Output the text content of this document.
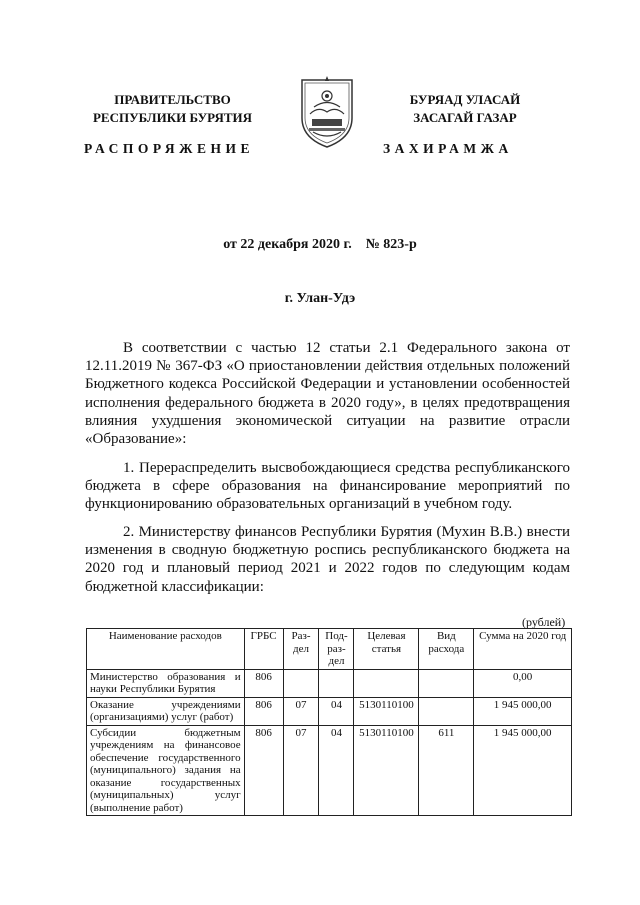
ПРАВИТЕЛЬСТВО
РЕСПУБЛИКИ БУРЯТИЯ
БУРЯАД УЛАСАЙ
ЗАСАГАЙ ГАЗАР
РАСПОРЯЖЕНИЕ	ЗАХИРАМЖА
от 22 декабря 2020 г. № 823-р
г. Улан-Удэ

В соответствии с частью 12 статьи 2.1 Федерального закона от 12.11.2019 № 367-ФЗ «О приостановлении действия отдельных положений Бюджетного кодекса Российской Федерации и установлении особенностей исполнения федерального бюджета в 2020 году», в целях предотвращения влияния ухудшения экономической ситуации на развитие отрасли «Образование»:

1. Перераспределить высвобождающиеся средства республиканского бюджета в сфере образования на финансирование мероприятий по функционированию образовательных организаций в учебном году.

2. Министерству финансов Республики Бурятия (Мухин В.В.) внести изменения в сводную бюджетную роспись республиканского бюджета на 2020 год и плановый период 2021 и 2022 годов по следующим кодам бюджетной классификации:

(рублей)
Наименование расходов	ГРБС	Раз-дел	Под-раз-дел	Целевая статья	Вид расхода	Сумма на 2020 год
Министерство образования и науки Республики Бурятия	806					0,00
Оказание учреждениями (организациями) услуг (работ)	806	07	04	5130110100		1 945 000,00
Субсидии бюджетным учреждениям на финансовое обеспечение государственного (муниципального) задания на оказание государственных (муниципальных) услуг (выполнение работ)	806	07	04	5130110100	611	1 945 000,00
